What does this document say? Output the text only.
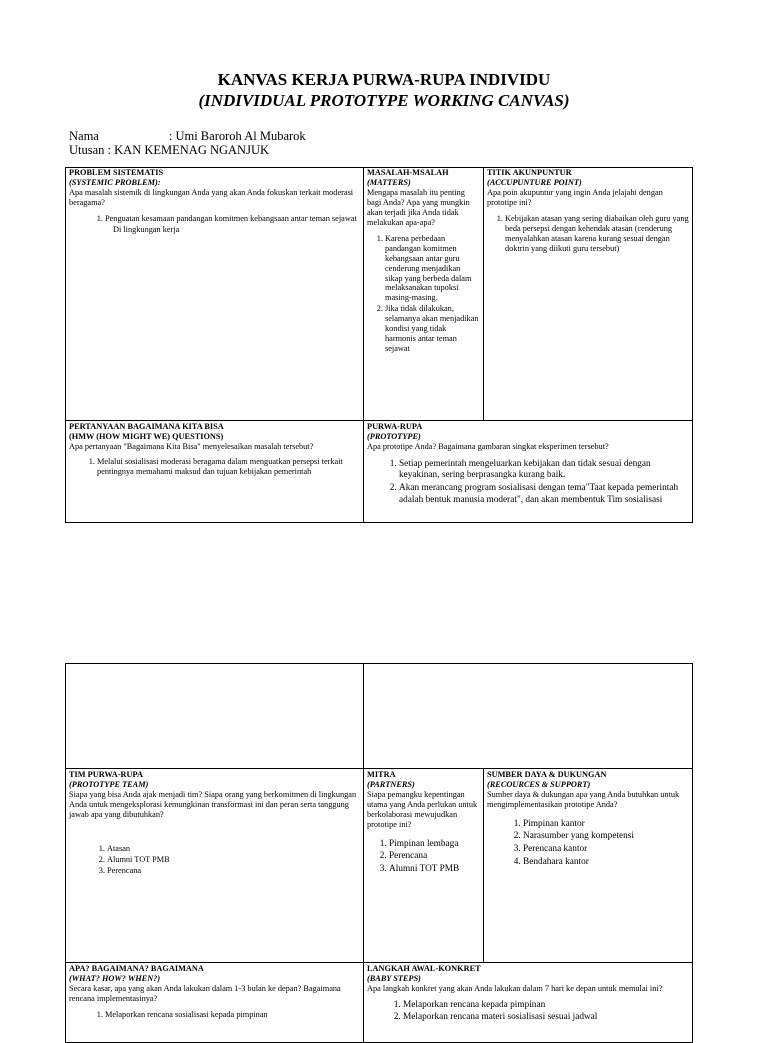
KANVAS KERJA PURWA-RUPA INDIVIDU
(INDIVIDUAL PROTOTYPE WORKING CANVAS)
Nama	: Umi Baroroh Al Mubarok
Utusan : KAN KEMENAG NGANJUK
PROBLEM SISTEMATIS
(SYSTEMIC PROBLEM):
Apa masalah sistemik di lingkungan Anda yang akan Anda fokuskan terkait moderasi beragama?
1. Penguatan kesamaan pandangan komitmen kebangsaan antar teman sejawat
Di lingkungan kerja
MASALAH-MSALAH
(MATTERS)
Mengapa masalah itu penting bagi Anda? Apa yang mungkin akan terjadi jika Anda tidak melakukan apa-apa?
1. Karena perbedaan pandangan komitmen kebangsaan antar guru cenderung menjadikan sikap yang berbeda dalam melaksanakan tupoksi masing-masing.
2. Jika tidak dilakukan, selamanya akan menjadikan kondisi yang tidak harmonis antar teman sejawat
TITIK AKUNPUNTUR
(ACCUPUNTURE POINT)
Apa poin akupuntur yang ingin Anda jelajahi dengan prototipe ini?
1. Kebijakan atasan yang sering diabaikan oleh guru yang beda persepsi dengan kehendak atasan (cenderung menyalahkan atasan karena kurang sesuai dengan doktrin yang diikuti guru tersebut)
PERTANYAAN BAGAIMANA KITA BISA
(HMW (HOW MIGHT WE) QUESTIONS)
Apa pertanyaan "Bagaimana Kita Bisa" menyelesaikan masalah tersebut?
1. Melalui sosialisasi moderasi beragama dalam menguatkan persepsi terkait pentingnya memahami maksud dan tujuan kebijakan pemerintah
PURWA-RUPA
(PROTOTYPE)
Apa prototipe Anda? Bagaimana gambaran singkat eksperimen tersebut?
1. Setiap pemerintah mengeluarkan kebijakan dan tidak sesuai dengan keyakinan, sering berprasangka kurang baik.
2. Akan merancang program sosialisasi dengan tema"Taat kepada pemerintah adalah bentuk manusia moderat", dan akan membentuk Tim sosialisasi
TIM PURWA-RUPA
(PROTOTYPE TEAM)
Siapa yang bisa Anda ajak menjadi tim? Siapa orang yang berkomitmen di lingkungan Anda untuk mengeksplorasi kemungkinan transformasi ini dan peran serta tanggung jawab apa yang dibutuhkan?
1. Atasan
2. Alumni TOT PMB
3. Perencana
MITRA
(PARTNERS)
Siapa pemangku kepentingan utama yang Anda perlukan untuk berkolaborasi mewujudkan prototipe ini?
1. Pimpinan lembaga
2. Perencana
3. Alumni TOT PMB
SUMBER DAYA & DUKUNGAN
(RECOURCES & SUPPORT)
Sumber daya & dukungan apa yang Anda butuhkan untuk mengimplementasikan prototipe Anda?
1. Pimpinan kantor
2. Narasumber yang kompetensi
3. Perencana kantor
4. Bendahara kantor
APA? BAGAIMANA? BAGAIMANA
(WHAT? HOW? WHEN?)
Secara kasar, apa yang akan Anda lakukan dalam 1-3 bulan ke depan? Bagaimana rencana implementasinya?
1. Melaporkan rencana sosialisasi kepada pimpinan
LANGKAH AWAL-KONKRET
(BABY STEPS)
Apa langkah konkret yang akan Anda lakukan dalam 7 hari ke depan untuk memulai ini?
1. Melaporkan rencana kepada pimpinan
2. Melaporkan rencana materi sosialisasi sesuai jadwal
